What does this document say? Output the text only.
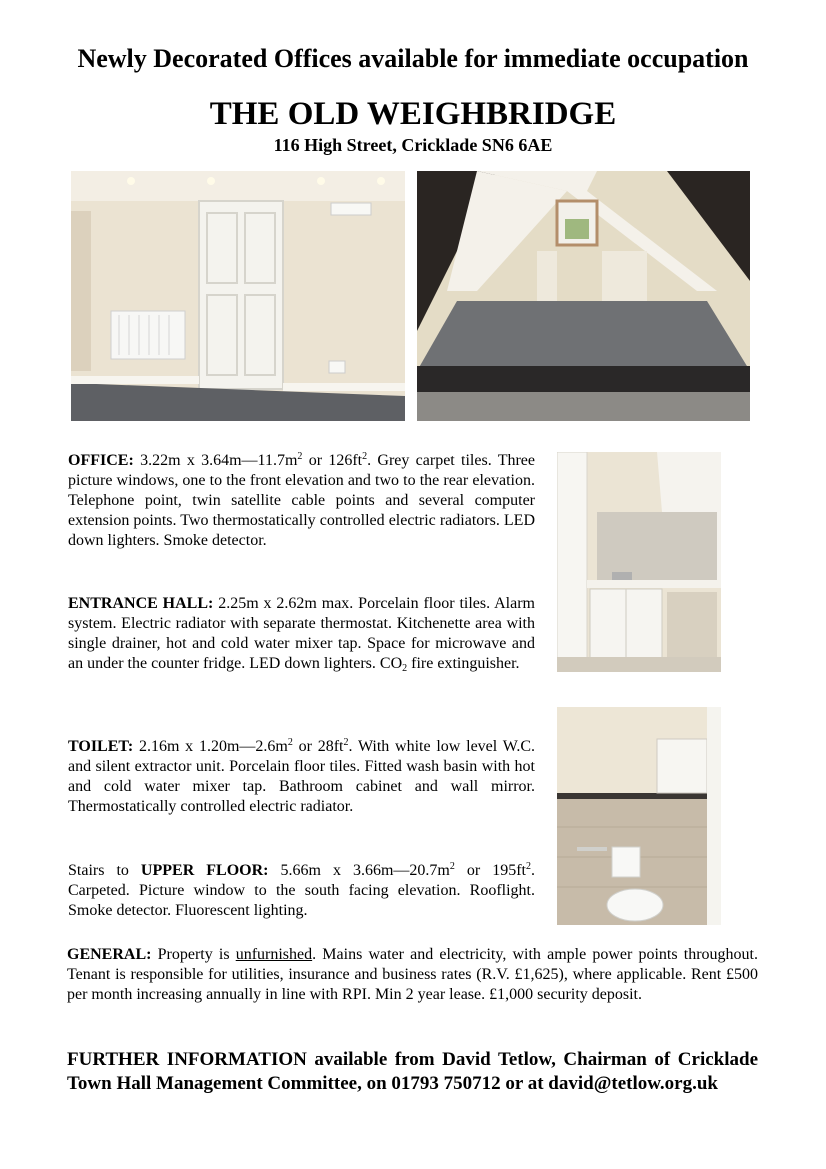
Newly Decorated Offices available for immediate occupation
THE OLD WEIGHBRIDGE
116 High Street, Cricklade SN6 6AE
OFFICE: 3.22m x $3.64m—11.7m^2$ or $126ft^2$. Grey carpet tiles. Three picture windows, one to the front elevation and two to the rear elevation. Telephone point, twin satellite cable points and several computer extension points. Two thermostatically controlled electric radiators. LED down lighters. Smoke detector.
ENTRANCE HALL: 2.25m x 2.62m max. Porcelain floor tiles. Alarm system. Electric radiator with separate thermostat. Kitchenette area with single drainer, hot and cold water mixer tap. Space for microwave and an under the counter fridge. LED down lighters. $CO_2$ fire extinguisher.
TOILET: 2.16m x $1.20m—2.6m^2$ or $28ft^2$. With white low level W.C. and silent extractor unit. Porcelain floor tiles. Fitted wash basin with hot and cold water mixer tap. Bathroom cabinet and wall mirror. Thermostatically controlled electric radiator.
Stairs to UPPER FLOOR: 5.66m x $3.66m—20.7m^2$ or $195ft^2$. Carpeted. Picture window to the south facing elevation. Rooflight. Smoke detector. Fluorescent lighting.
GENERAL: Property is unfurnished. Mains water and electricity, with ample power points throughout. Tenant is responsible for utilities, insurance and business rates (R.V. £1,625), where applicable. Rent £500 per month increasing annually in line with RPI. Min 2 year lease. £1,000 security deposit.
FURTHER INFORMATION available from David Tetlow, Chairman of Cricklade Town Hall Management Committee, on 01793 750712 or at david@tetlow.org.uk
